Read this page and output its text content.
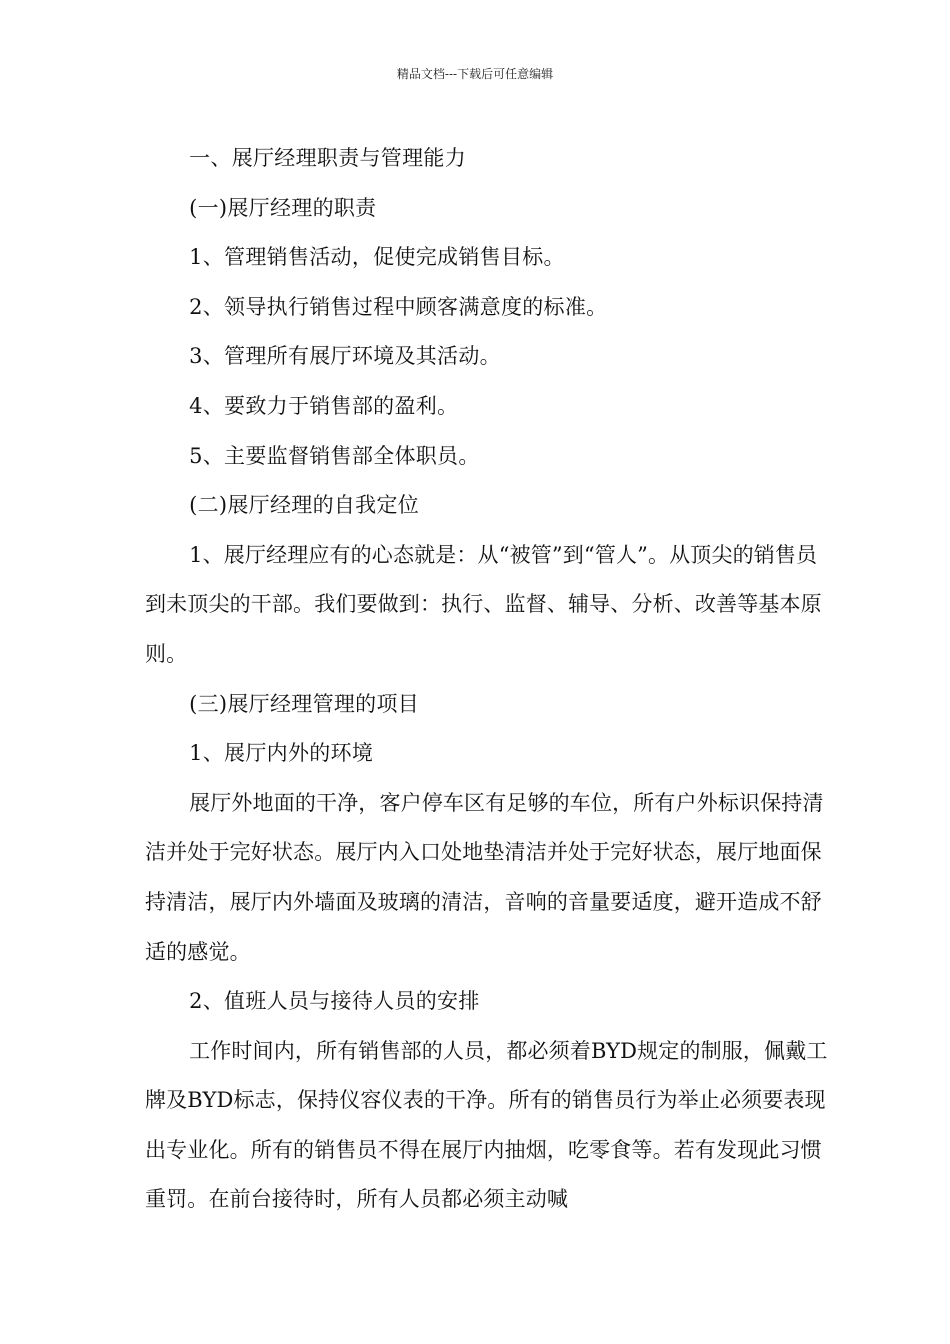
精品文档---下载后可任意编辑

一、展厅经理职责与管理能力

(一)展厅经理的职责

1、管理销售活动，促使完成销售目标。

2、领导执行销售过程中顾客满意度的标准。

3、管理所有展厅环境及其活动。

4、要致力于销售部的盈利。

5、主要监督销售部全体职员。

(二)展厅经理的自我定位

1、展厅经理应有的心态就是：从“被管”到“管人”。从顶尖的销售员到未顶尖的干部。我们要做到：执行、监督、辅导、分析、改善等基本原则。

(三)展厅经理管理的项目

1、展厅内外的环境

展厅外地面的干净，客户停车区有足够的车位，所有户外标识保持清洁并处于完好状态。展厅内入口处地垫清洁并处于完好状态，展厅地面保持清洁，展厅内外墙面及玻璃的清洁，音响的音量要适度，避开造成不舒适的感觉。

2、值班人员与接待人员的安排

工作时间内，所有销售部的人员，都必须着BYD规定的制服，佩戴工牌及BYD标志，保持仪容仪表的干净。所有的销售员行为举止必须要表现出专业化。所有的销售员不得在展厅内抽烟，吃零食等。若有发现此习惯重罚。在前台接待时，所有人员都必须主动喊
